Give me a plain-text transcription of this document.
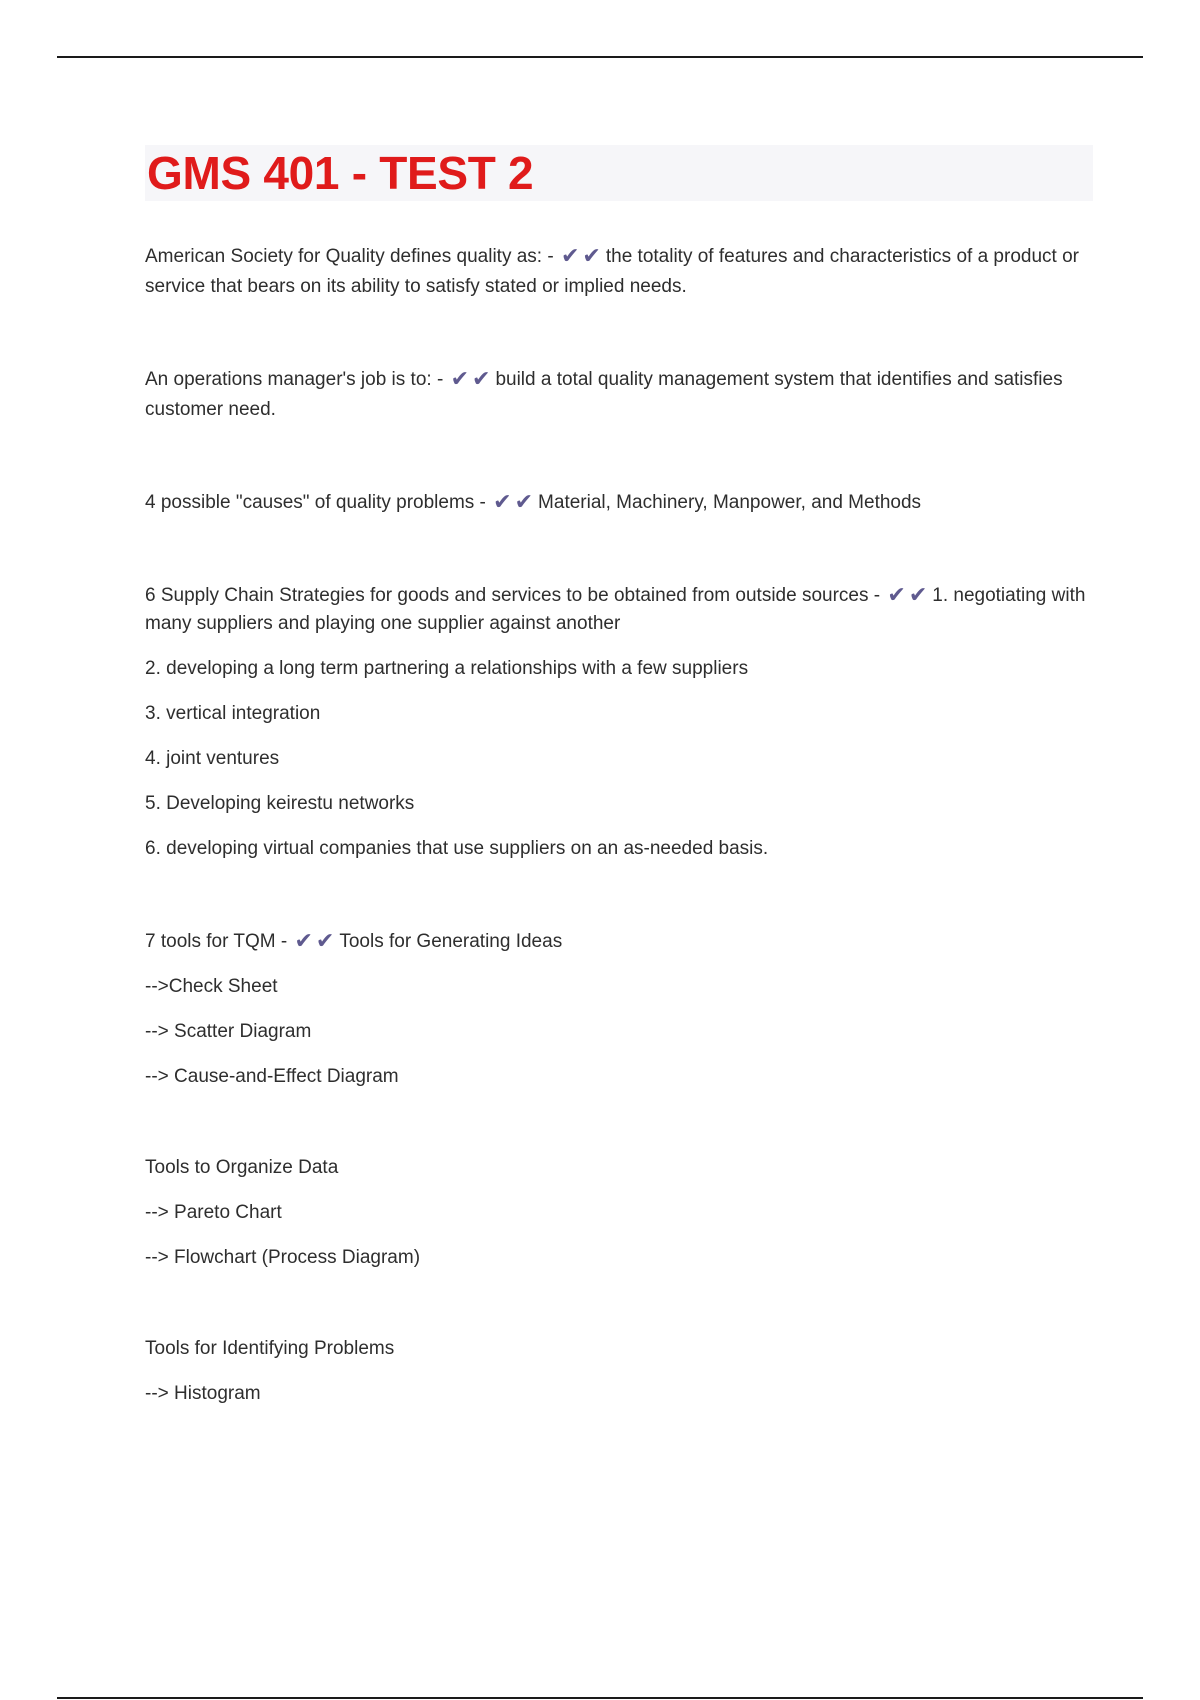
GMS 401 - TEST 2

American Society for Quality defines quality as: - ✔ ✔ the totality of features and characteristics of a product or service that bears on its ability to satisfy stated or implied needs.

An operations manager's job is to: - ✔ ✔ build a total quality management system that identifies and satisfies customer need.

4 possible "causes" of quality problems - ✔ ✔ Material, Machinery, Manpower, and Methods

6 Supply Chain Strategies for goods and services to be obtained from outside sources - ✔ ✔ 1. negotiating with many suppliers and playing one supplier against another

2. developing a long term partnering a relationships with a few suppliers

3. vertical integration

4. joint ventures

5. Developing keirestu networks

6. developing virtual companies that use suppliers on an as-needed basis.

7 tools for TQM - ✔ ✔ Tools for Generating Ideas

-->Check Sheet

--> Scatter Diagram

--> Cause-and-Effect Diagram

Tools to Organize Data

--> Pareto Chart

--> Flowchart (Process Diagram)

Tools for Identifying Problems

--> Histogram
